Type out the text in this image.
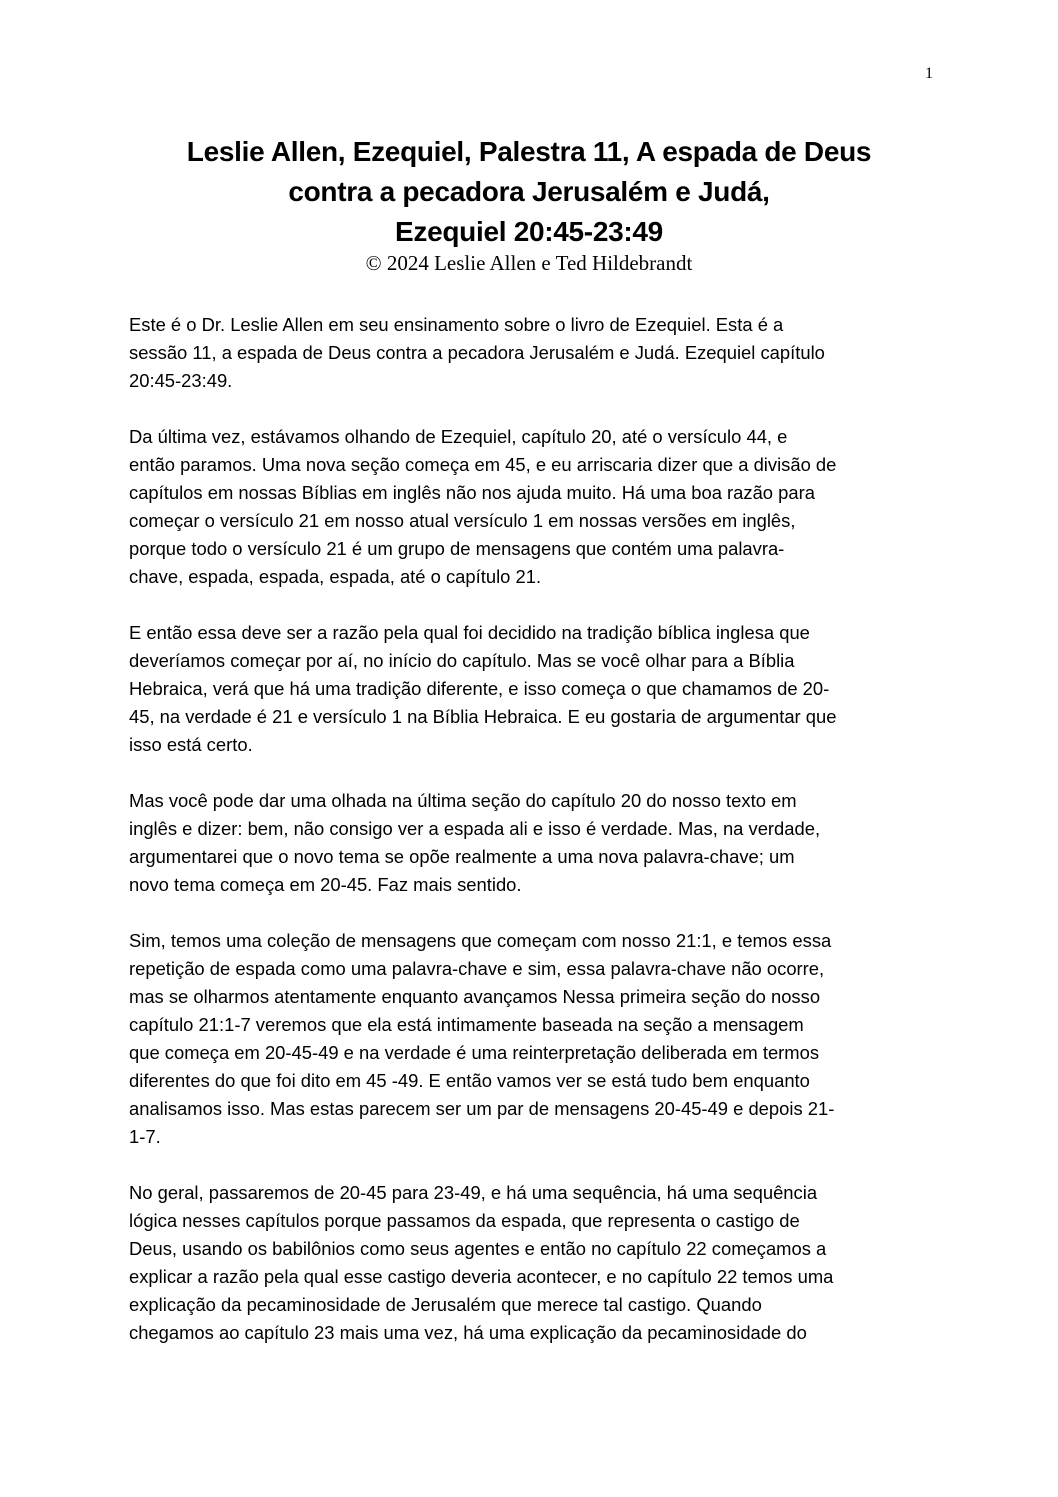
1
Leslie Allen, Ezequiel, Palestra 11, A espada de Deus
contra a pecadora Jerusalém e Judá,
Ezequiel 20:45-23:49
© 2024 Leslie Allen e Ted Hildebrandt

Este é o Dr. Leslie Allen em seu ensinamento sobre o livro de Ezequiel. Esta é a
sessão 11, a espada de Deus contra a pecadora Jerusalém e Judá. Ezequiel capítulo
20:45-23:49.

Da última vez, estávamos olhando de Ezequiel, capítulo 20, até o versículo 44, e
então paramos. Uma nova seção começa em 45, e eu arriscaria dizer que a divisão de
capítulos em nossas Bíblias em inglês não nos ajuda muito. Há uma boa razão para
começar o versículo 21 em nosso atual versículo 1 em nossas versões em inglês,
porque todo o versículo 21 é um grupo de mensagens que contém uma palavra-
chave, espada, espada, espada, até o capítulo 21.

E então essa deve ser a razão pela qual foi decidido na tradição bíblica inglesa que
deveríamos começar por aí, no início do capítulo. Mas se você olhar para a Bíblia
Hebraica, verá que há uma tradição diferente, e isso começa o que chamamos de 20-
45, na verdade é 21 e versículo 1 na Bíblia Hebraica. E eu gostaria de argumentar que
isso está certo.

Mas você pode dar uma olhada na última seção do capítulo 20 do nosso texto em
inglês e dizer: bem, não consigo ver a espada ali e isso é verdade. Mas, na verdade,
argumentarei que o novo tema se opõe realmente a uma nova palavra-chave; um
novo tema começa em 20-45. Faz mais sentido.

Sim, temos uma coleção de mensagens que começam com nosso 21:1, e temos essa
repetição de espada como uma palavra-chave e sim, essa palavra-chave não ocorre,
mas se olharmos atentamente enquanto avançamos Nessa primeira seção do nosso
capítulo 21:1-7 veremos que ela está intimamente baseada na seção a mensagem
que começa em 20-45-49 e na verdade é uma reinterpretação deliberada em termos
diferentes do que foi dito em 45 -49. E então vamos ver se está tudo bem enquanto
analisamos isso. Mas estas parecem ser um par de mensagens 20-45-49 e depois 21-
1-7.

No geral, passaremos de 20-45 para 23-49, e há uma sequência, há uma sequência
lógica nesses capítulos porque passamos da espada, que representa o castigo de
Deus, usando os babilônios como seus agentes e então no capítulo 22 começamos a
explicar a razão pela qual esse castigo deveria acontecer, e no capítulo 22 temos uma
explicação da pecaminosidade de Jerusalém que merece tal castigo. Quando
chegamos ao capítulo 23 mais uma vez, há uma explicação da pecaminosidade do
